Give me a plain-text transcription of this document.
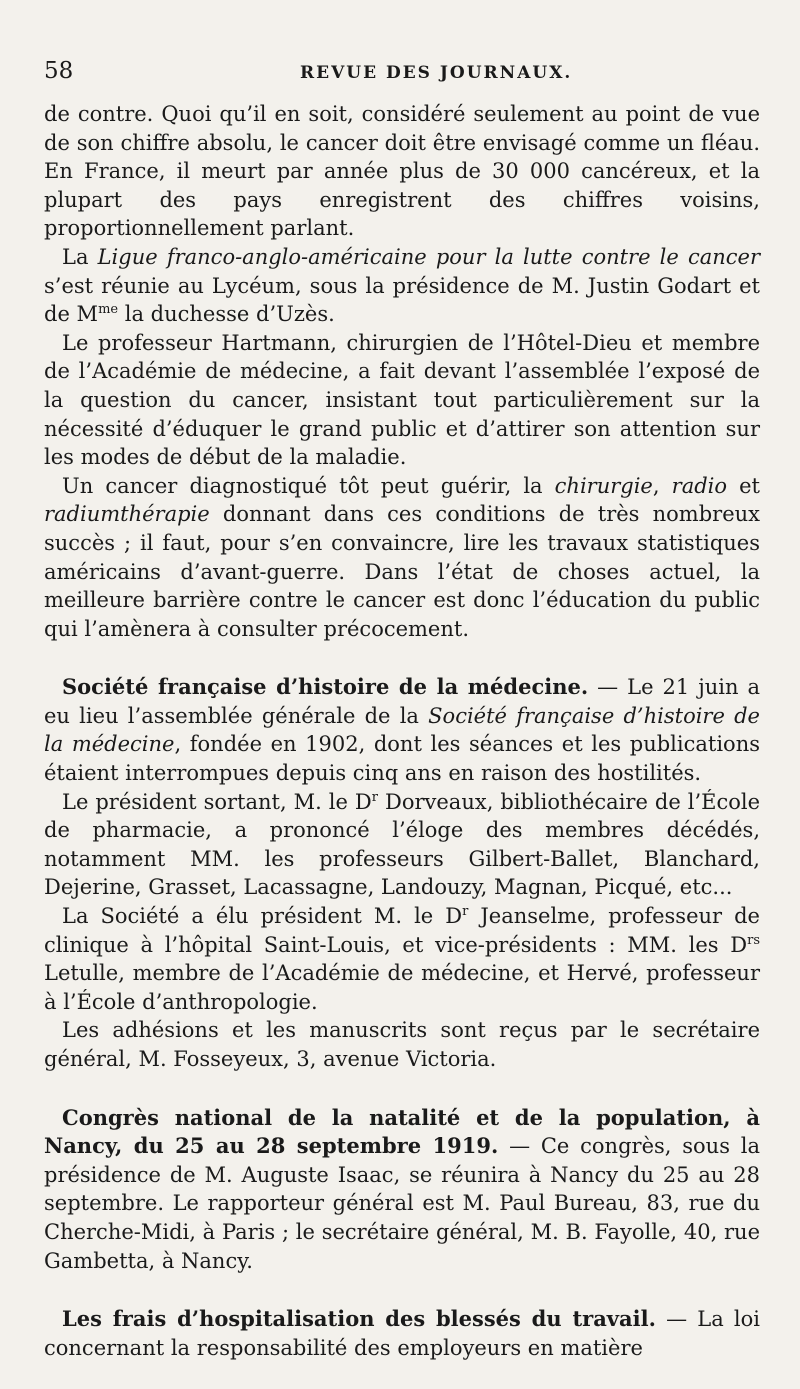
58	REVUE DES JOURNAUX.

de contre. Quoi qu’il en soit, considéré seulement au point de vue de son chiffre absolu, le cancer doit être envisagé comme un fléau. En France, il meurt par année plus de 30 000 cancéreux, et la plupart des pays enregistrent des chiffres voisins, proportionnellement parlant.

La Ligue franco-anglo-américaine pour la lutte contre le cancer s’est réunie au Lycéum, sous la présidence de M. Justin Godart et de $M^{me}$ la duchesse d’Uzès.

Le professeur Hartmann, chirurgien de l’Hôtel-Dieu et membre de l’Académie de médecine, a fait devant l’assemblée l’exposé de la question du cancer, insistant tout particulièrement sur la nécessité d’éduquer le grand public et d’attirer son attention sur les modes de début de la maladie.

Un cancer diagnostiqué tôt peut guérir, la chirurgie, radio et radiumthérapie donnant dans ces conditions de très nombreux succès ; il faut, pour s’en convaincre, lire les travaux statistiques américains d’avant-guerre. Dans l’état de choses actuel, la meilleure barrière contre le cancer est donc l’éducation du public qui l’amènera à consulter précocement.

Société française d’histoire de la médecine. — Le 21 juin a eu lieu l’assemblée générale de la Société française d’histoire de la médecine, fondée en 1902, dont les séances et les publications étaient interrompues depuis cinq ans en raison des hostilités.

Le président sortant, M. le $D^r$ Dorveaux, bibliothécaire de l’École de pharmacie, a prononcé l’éloge des membres décédés, notamment MM. les professeurs Gilbert-Ballet, Blanchard, Dejerine, Grasset, Lacassagne, Landouzy, Magnan, Picqué, etc...

La Société a élu président M. le $D^r$ Jeanselme, professeur de clinique à l’hôpital Saint-Louis, et vice-présidents : MM. les $D^{rs}$ Letulle, membre de l’Académie de médecine, et Hervé, professeur à l’École d’anthropologie.

Les adhésions et les manuscrits sont reçus par le secrétaire général, M. Fosseyeux, 3, avenue Victoria.

Congrès national de la natalité et de la population, à Nancy, du 25 au 28 septembre 1919. — Ce congrès, sous la présidence de M. Auguste Isaac, se réunira à Nancy du 25 au 28 septembre. Le rapporteur général est M. Paul Bureau, 83, rue du Cherche-Midi, à Paris ; le secrétaire général, M. B. Fayolle, 40, rue Gambetta, à Nancy.

Les frais d’hospitalisation des blessés du travail. — La loi concernant la responsabilité des employeurs en matière
